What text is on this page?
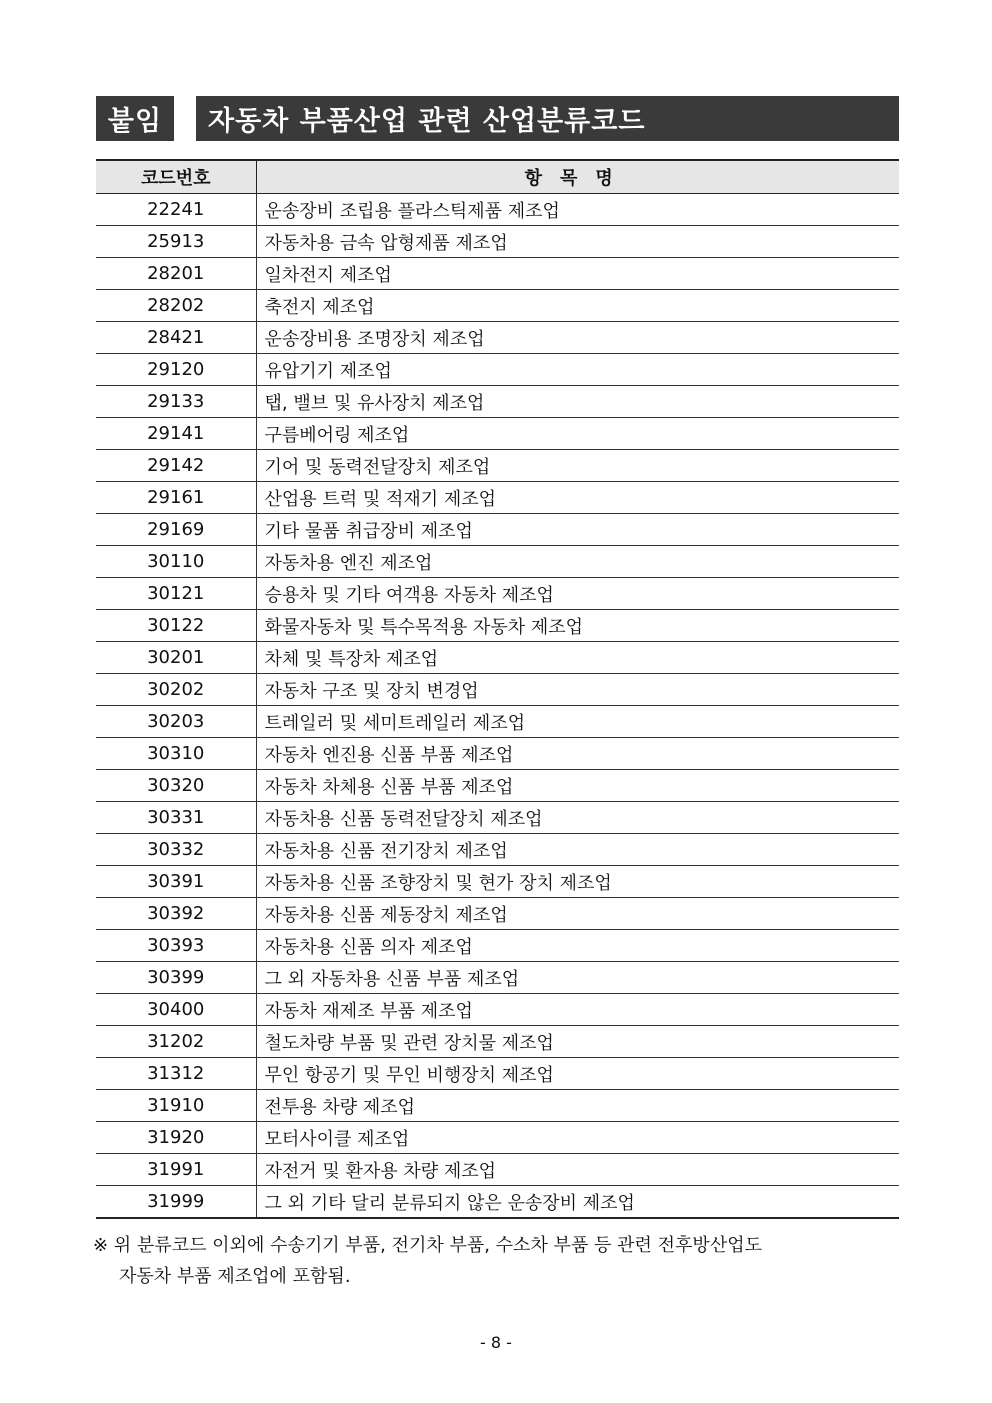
붙임	자동차 부품산업 관련 산업분류코드
코드번호	항목명
22241	운송장비 조립용 플라스틱제품 제조업
25913	자동차용 금속 압형제품 제조업
28201	일차전지 제조업
28202	축전지 제조업
28421	운송장비용 조명장치 제조업
29120	유압기기 제조업
29133	탭, 밸브 및 유사장치 제조업
29141	구름베어링 제조업
29142	기어 및 동력전달장치 제조업
29161	산업용 트럭 및 적재기 제조업
29169	기타 물품 취급장비 제조업
30110	자동차용 엔진 제조업
30121	승용차 및 기타 여객용 자동차 제조업
30122	화물자동차 및 특수목적용 자동차 제조업
30201	차체 및 특장차 제조업
30202	자동차 구조 및 장치 변경업
30203	트레일러 및 세미트레일러 제조업
30310	자동차 엔진용 신품 부품 제조업
30320	자동차 차체용 신품 부품 제조업
30331	자동차용 신품 동력전달장치 제조업
30332	자동차용 신품 전기장치 제조업
30391	자동차용 신품 조향장치 및 현가 장치 제조업
30392	자동차용 신품 제동장치 제조업
30393	자동차용 신품 의자 제조업
30399	그 외 자동차용 신품 부품 제조업
30400	자동차 재제조 부품 제조업
31202	철도차량 부품 및 관련 장치물 제조업
31312	무인 항공기 및 무인 비행장치 제조업
31910	전투용 차량 제조업
31920	모터사이클 제조업
31991	자전거 및 환자용 차량 제조업
31999	그 외 기타 달리 분류되지 않은 운송장비 제조업
※ 위 분류코드 이외에 수송기기 부품, 전기차 부품, 수소차 부품 등 관련 전후방산업도
자동차 부품 제조업에 포함됨.
- 8 -
